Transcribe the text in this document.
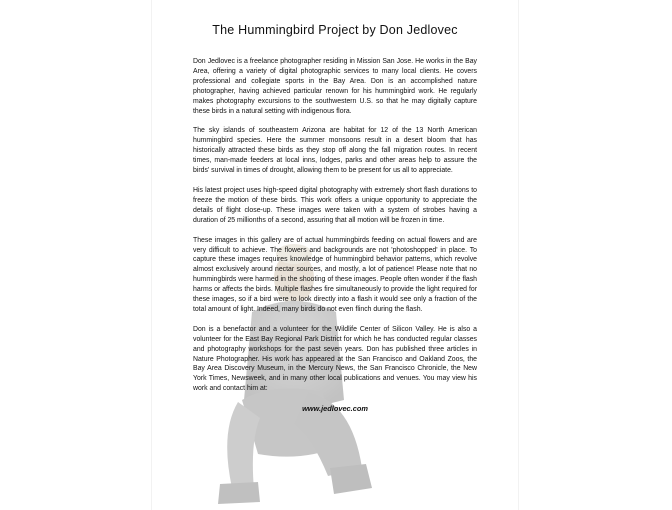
The Hummingbird Project by Don Jedlovec

Don Jedlovec is a freelance photographer residing in Mission San Jose. He works in the Bay Area, offering a variety of digital photographic services to many local clients. He covers professional and collegiate sports in the Bay Area. Don is an accomplished nature photographer, having achieved particular renown for his hummingbird work. He regularly makes photography excursions to the southwestern U.S. so that he may digitally capture these birds in a natural setting with indigenous flora.

The sky islands of southeastern Arizona are habitat for 12 of the 13 North American hummingbird species. Here the summer monsoons result in a desert bloom that has historically attracted these birds as they stop off along the fall migration routes. In recent times, man-made feeders at local inns, lodges, parks and other areas help to assure the birds' survival in times of drought, allowing them to be present for us all to appreciate.

His latest project uses high-speed digital photography with extremely short flash durations to freeze the motion of these birds. This work offers a unique opportunity to appreciate the details of flight close-up. These images were taken with a system of strobes having a duration of 25 millionths of a second, assuring that all motion will be frozen in time.

These images in this gallery are of actual hummingbirds feeding on actual flowers and are very difficult to achieve. The flowers and backgrounds are not 'photoshopped' in place. To capture these images requires knowledge of hummingbird behavior patterns, which revolve almost exclusively around nectar sources, and mostly, a lot of patience! Please note that no hummingbirds were harmed in the shooting of these images. People often wonder if the flash harms or affects the birds. Multiple flashes fire simultaneously to provide the light required for these images, so if a bird were to look directly into a flash it would see only a fraction of the total amount of light. Indeed, many birds do not even flinch during the flash.

Don is a benefactor and a volunteer for the Wildlife Center of Silicon Valley. He is also a volunteer for the East Bay Regional Park District for which he has conducted regular classes and photography workshops for the past seven years. Don has published three articles in Nature Photographer. His work has appeared at the San Francisco and Oakland Zoos, the Bay Area Discovery Museum, in the Mercury News, the San Francisco Chronicle, the New York Times, Newsweek, and in many other local publications and venues. You may view his work and contact him at:

www.jedlovec.com
